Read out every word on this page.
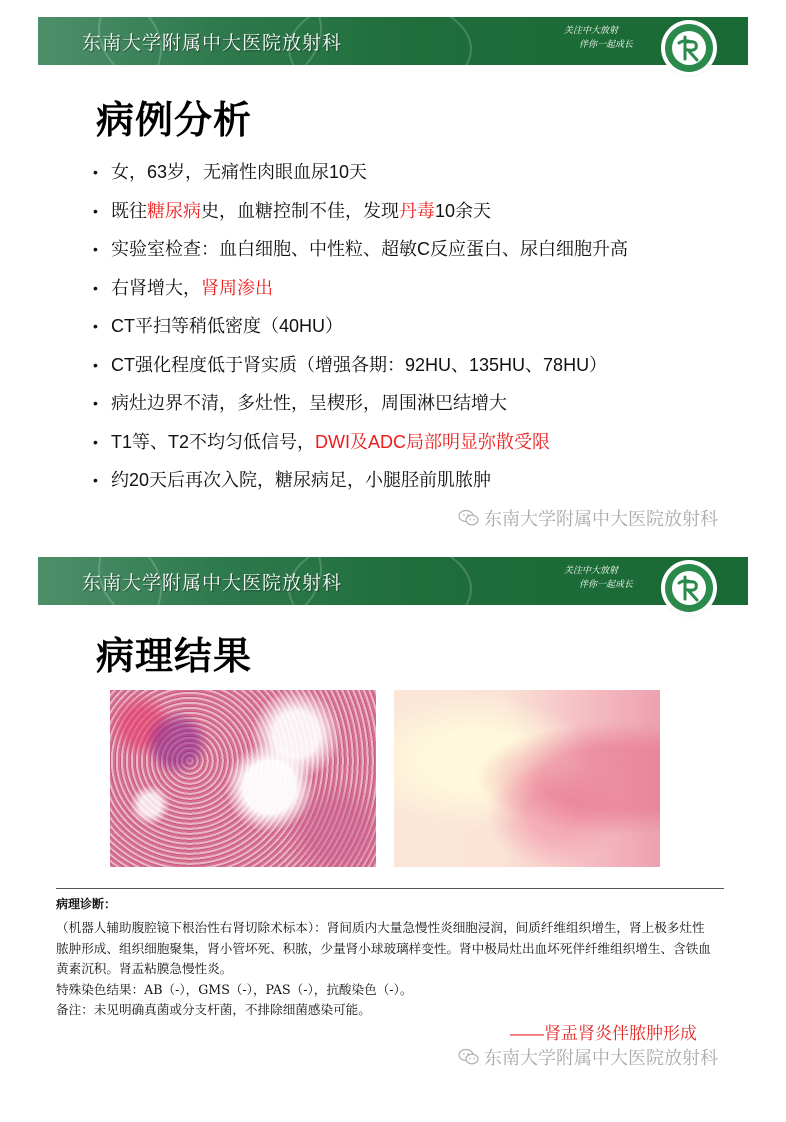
东南大学附属中大医院放射科
关注中大放射
伴你一起成长
病例分析
• 女，63岁，无痛性肉眼血尿10天
• 既往糖尿病史，血糖控制不佳，发现丹毒10余天
• 实验室检查：血白细胞、中性粒、超敏C反应蛋白、尿白细胞升高
• 右肾增大，肾周渗出
• CT平扫等稍低密度（40HU）
• CT强化程度低于肾实质（增强各期：92HU、135HU、78HU）
• 病灶边界不清，多灶性，呈楔形，周围淋巴结增大
• T1等、T2不均匀低信号，DWI及ADC局部明显弥散受限
• 约20天后再次入院，糖尿病足，小腿胫前肌脓肿
东南大学附属中大医院放射科
东南大学附属中大医院放射科
关注中大放射
伴你一起成长
病理结果
病理诊断：

（机器人辅助腹腔镜下根治性右肾切除术标本）：肾间质内大量急慢性炎细胞浸润，间质纤维组织增生，肾上极多灶性脓肿形成、组织细胞聚集，肾小管坏死、积脓，少量肾小球玻璃样变性。肾中极局灶出血坏死伴纤维组织增生、含铁血黄素沉积。肾盂粘膜急慢性炎。

特殊染色结果：AB（-），GMS（-），PAS（-），抗酸染色（-）。
备注：未见明确真菌或分支杆菌，不排除细菌感染可能。
——肾盂肾炎伴脓肿形成
东南大学附属中大医院放射科
